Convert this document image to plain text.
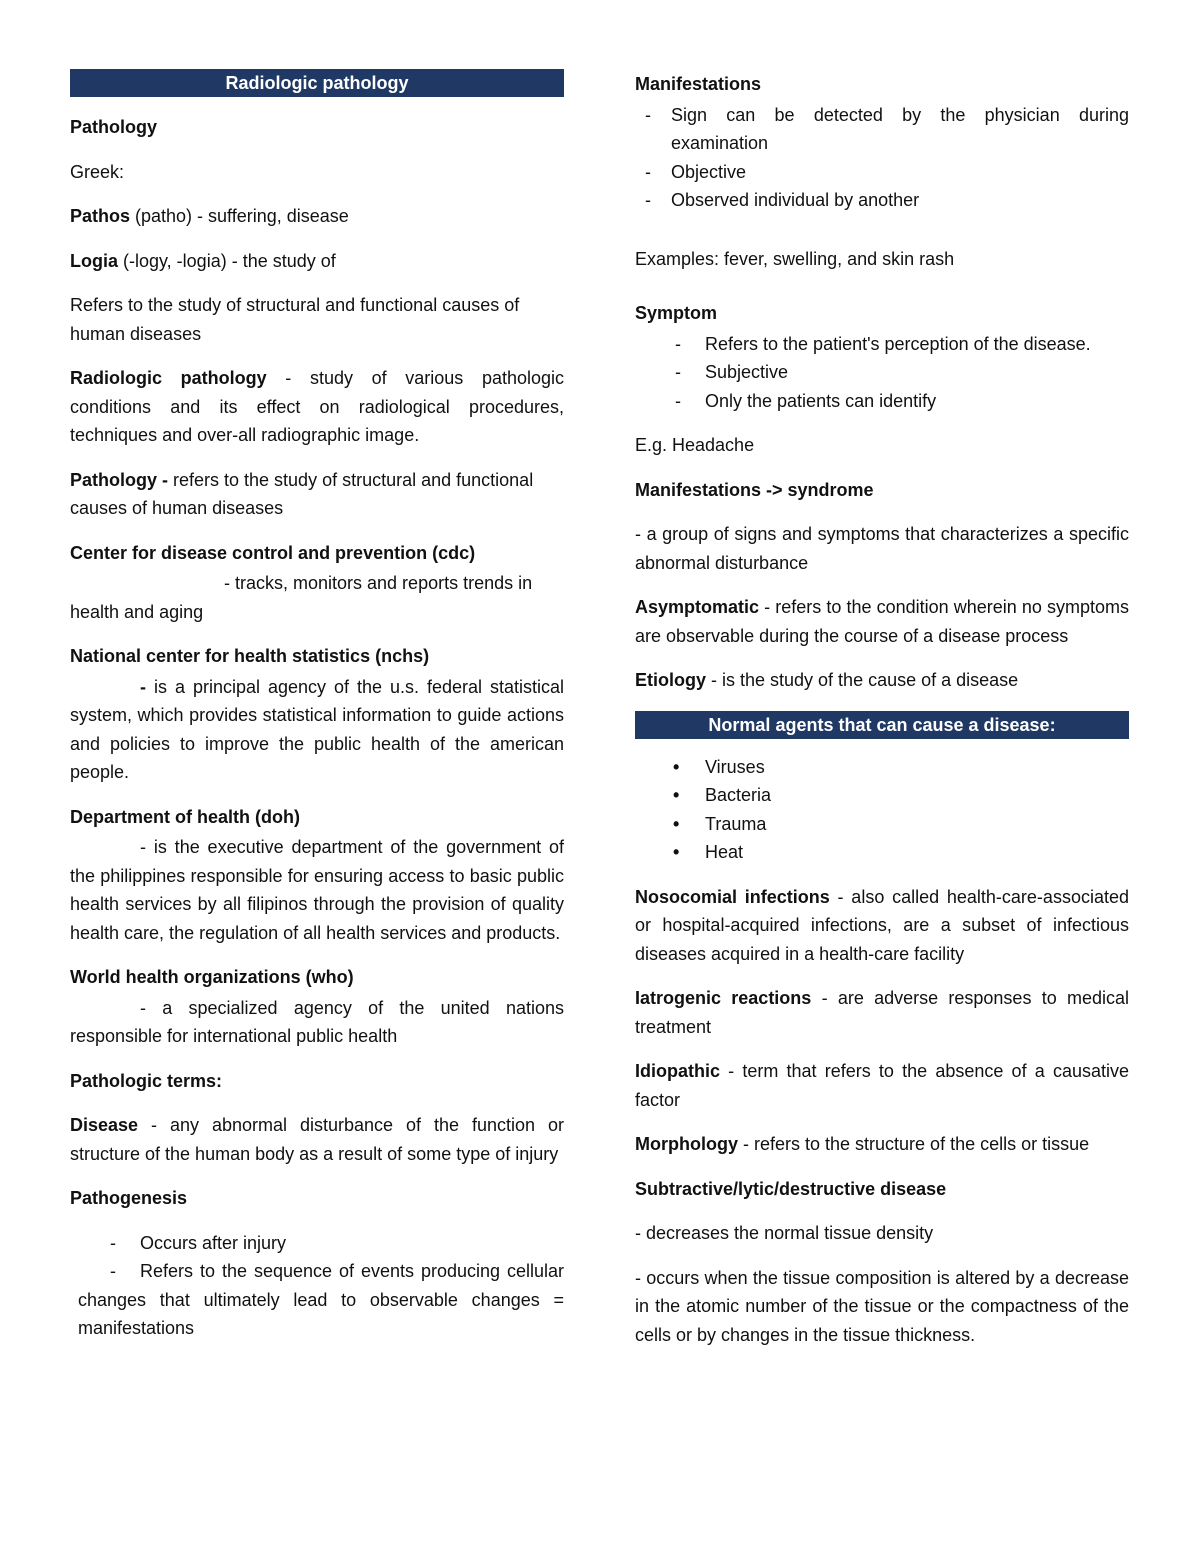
Radiologic pathology

Pathology

Greek:

Pathos (patho) - suffering, disease

Logia (-logy, -logia) - the study of

Refers to the study of structural and functional causes of human diseases

Radiologic pathology - study of various pathologic conditions and its effect on radiological procedures, techniques and over-all radiographic image.

Pathology - refers to the study of structural and functional causes of human diseases

Center for disease control and prevention (cdc)
- tracks, monitors and reports trends in health and aging
National center for health statistics (nchs)
- is a principal agency of the u.s. federal statistical system, which provides statistical information to guide actions and policies to improve the public health of the american people.
Department of health (doh)
- is the executive department of the government of the philippines responsible for ensuring access to basic public health services by all filipinos through the provision of quality health care, the regulation of all health services and products.
World health organizations (who)
- a specialized agency of the united nations responsible for international public health

Pathologic terms:

Disease - any abnormal disturbance of the function or structure of the human body as a result of some type of injury

Pathogenesis

- Occurs after injury
- Refers to the sequence of events producing cellular changes that ultimately lead to observable changes = manifestations
Manifestations
- Sign can be detected by the physician during examination
- Objective
- Observed individual by another

Examples: fever, swelling, and skin rash

Symptom
- Refers to the patient's perception of the disease.
- Subjective
- Only the patients can identify

E.g. Headache

Manifestations -> syndrome

- a group of signs and symptoms that characterizes a specific abnormal disturbance

Asymptomatic - refers to the condition wherein no symptoms are observable during the course of a disease process

Etiology - is the study of the cause of a disease

Normal agents that can cause a disease:
• Viruses
• Bacteria
• Trauma
• Heat

Nosocomial infections - also called health-care-associated or hospital-acquired infections, are a subset of infectious diseases acquired in a health-care facility

Iatrogenic reactions - are adverse responses to medical treatment

Idiopathic - term that refers to the absence of a causative factor

Morphology - refers to the structure of the cells or tissue

Subtractive/lytic/destructive disease

- decreases the normal tissue density

- occurs when the tissue composition is altered by a decrease in the atomic number of the tissue or the compactness of the cells or by changes in the tissue thickness.
